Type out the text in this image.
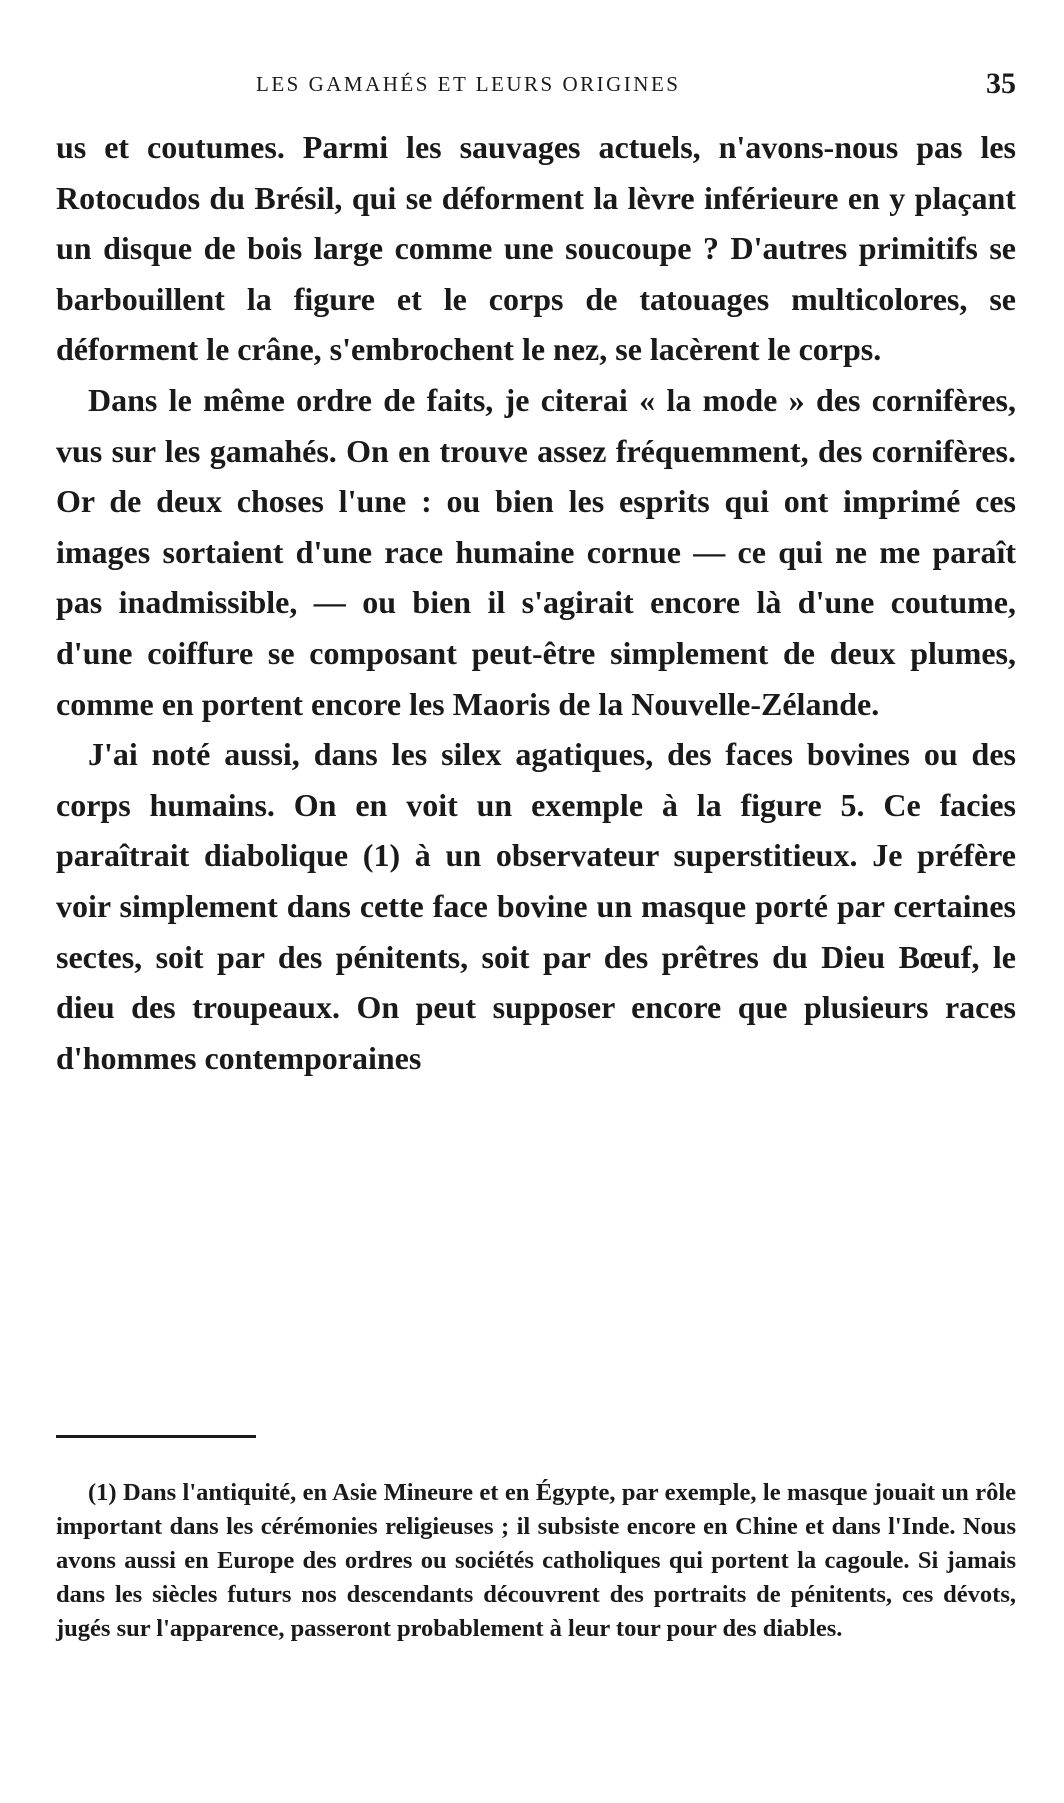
LES GAMAHÉS ET LEURS ORIGINES	35

us et coutumes. Parmi les sauvages actuels, n'avons-nous pas les Rotocudos du Brésil, qui se déforment la lèvre inférieure en y plaçant un disque de bois large comme une soucoupe ? D'autres primitifs se barbouillent la figure et le corps de tatouages multicolores, se déforment le crâne, s'embrochent le nez, se lacèrent le corps.

Dans le même ordre de faits, je citerai « la mode » des cornifères, vus sur les gamahés. On en trouve assez fréquemment, des cornifères. Or de deux choses l'une : ou bien les esprits qui ont imprimé ces images sortaient d'une race humaine cornue — ce qui ne me paraît pas inadmissible, — ou bien il s'agirait encore là d'une coutume, d'une coiffure se composant peut-être simplement de deux plumes, comme en portent encore les Maoris de la Nouvelle-Zélande.

J'ai noté aussi, dans les silex agatiques, des faces bovines ou des corps humains. On en voit un exemple à la figure 5. Ce facies paraîtrait diabolique (1) à un observateur superstitieux. Je préfère voir simplement dans cette face bovine un masque porté par certaines sectes, soit par des pénitents, soit par des prêtres du Dieu Bœuf, le dieu des troupeaux. On peut supposer encore que plusieurs races d'hommes contemporaines

(1) Dans l'antiquité, en Asie Mineure et en Égypte, par exemple, le masque jouait un rôle important dans les cérémonies religieuses ; il subsiste encore en Chine et dans l'Inde. Nous avons aussi en Europe des ordres ou sociétés catholiques qui portent la cagoule. Si jamais dans les siècles futurs nos descendants découvrent des portraits de pénitents, ces dévots, jugés sur l'apparence, passeront probablement à leur tour pour des diables.
